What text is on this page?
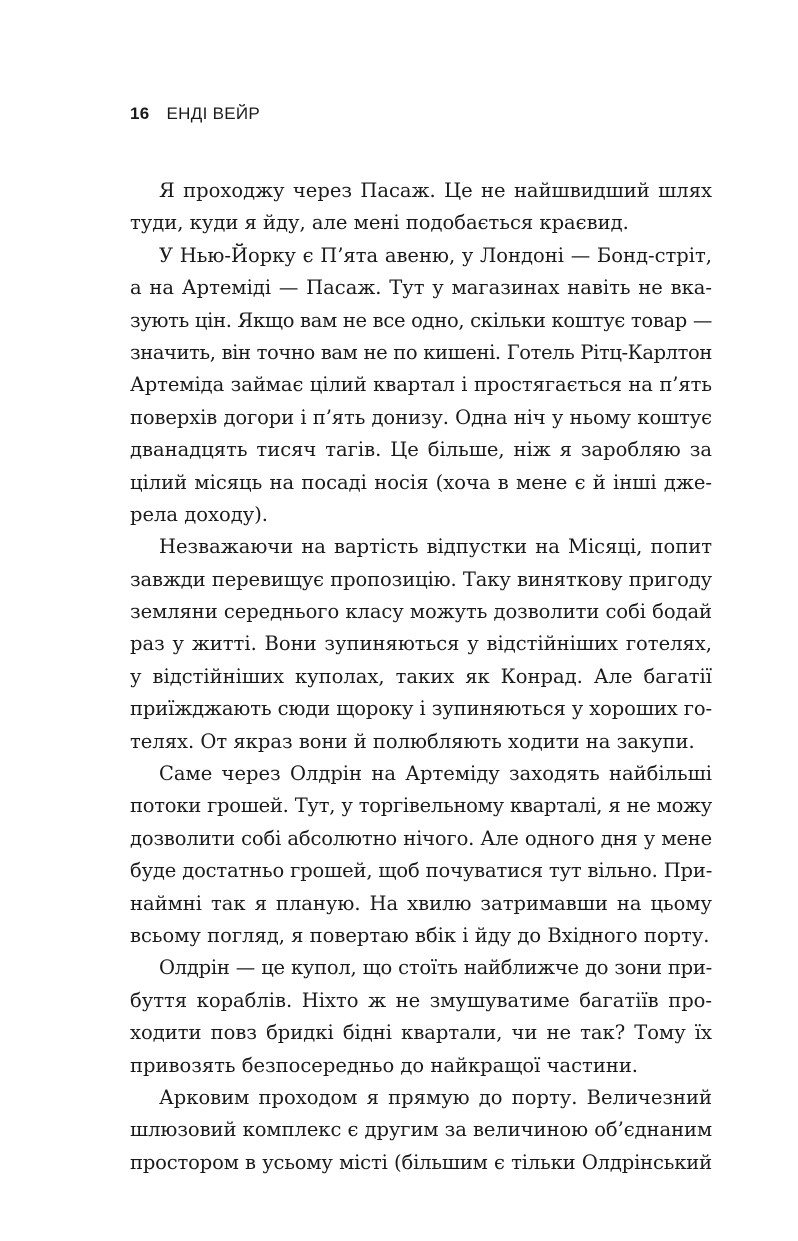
16 ЕНДІ ВЕЙР
Я проходжу через Пасаж. Це не найшвидший шлях
туди, куди я йду, але мені подобається краєвид.
У Нью-Йорку є П’ята авеню, у Лондоні — Бонд-стріт,
а на Артеміді — Пасаж. Тут у магазинах навіть не вка-
зують цін. Якщо вам не все одно, скільки коштує товар —
значить, він точно вам не по кишені. Готель Рітц-Карлтон
Артеміда займає цілий квартал і простягається на п’ять
поверхів догори і п’ять донизу. Одна ніч у ньому коштує
дванадцять тисяч тагів. Це більше, ніж я заробляю за
цілий місяць на посаді носія (хоча в мене є й інші дже-
рела доходу).
Незважаючи на вартість відпустки на Місяці, попит
завжди перевищує пропозицію. Таку виняткову пригоду
земляни середнього класу можуть дозволити собі бодай
раз у житті. Вони зупиняються у відстійніших готелях,
у відстійніших куполах, таких як Конрад. Але багатії
приїжджають сюди щороку і зупиняються у хороших го-
телях. От якраз вони й полюбляють ходити на закупи.
Саме через Олдрін на Артеміду заходять найбільші
потоки грошей. Тут, у торгівельному кварталі, я не можу
дозволити собі абсолютно нічого. Але одного дня у мене
буде достатньо грошей, щоб почуватися тут вільно. При-
наймні так я планую. На хвилю затримавши на цьому
всьому погляд, я повертаю вбік і йду до Вхідного порту.
Олдрін — це купол, що стоїть найближче до зони при-
буття кораблів. Ніхто ж не змушуватиме багатіїв про-
ходити повз бридкі бідні квартали, чи не так? Тому їх
привозять безпосередньо до найкращої частини.
Арковим проходом я прямую до порту. Величезний
шлюзовий комплекс є другим за величиною об’єднаним
простором в усьому місті (більшим є тільки Олдрінський
